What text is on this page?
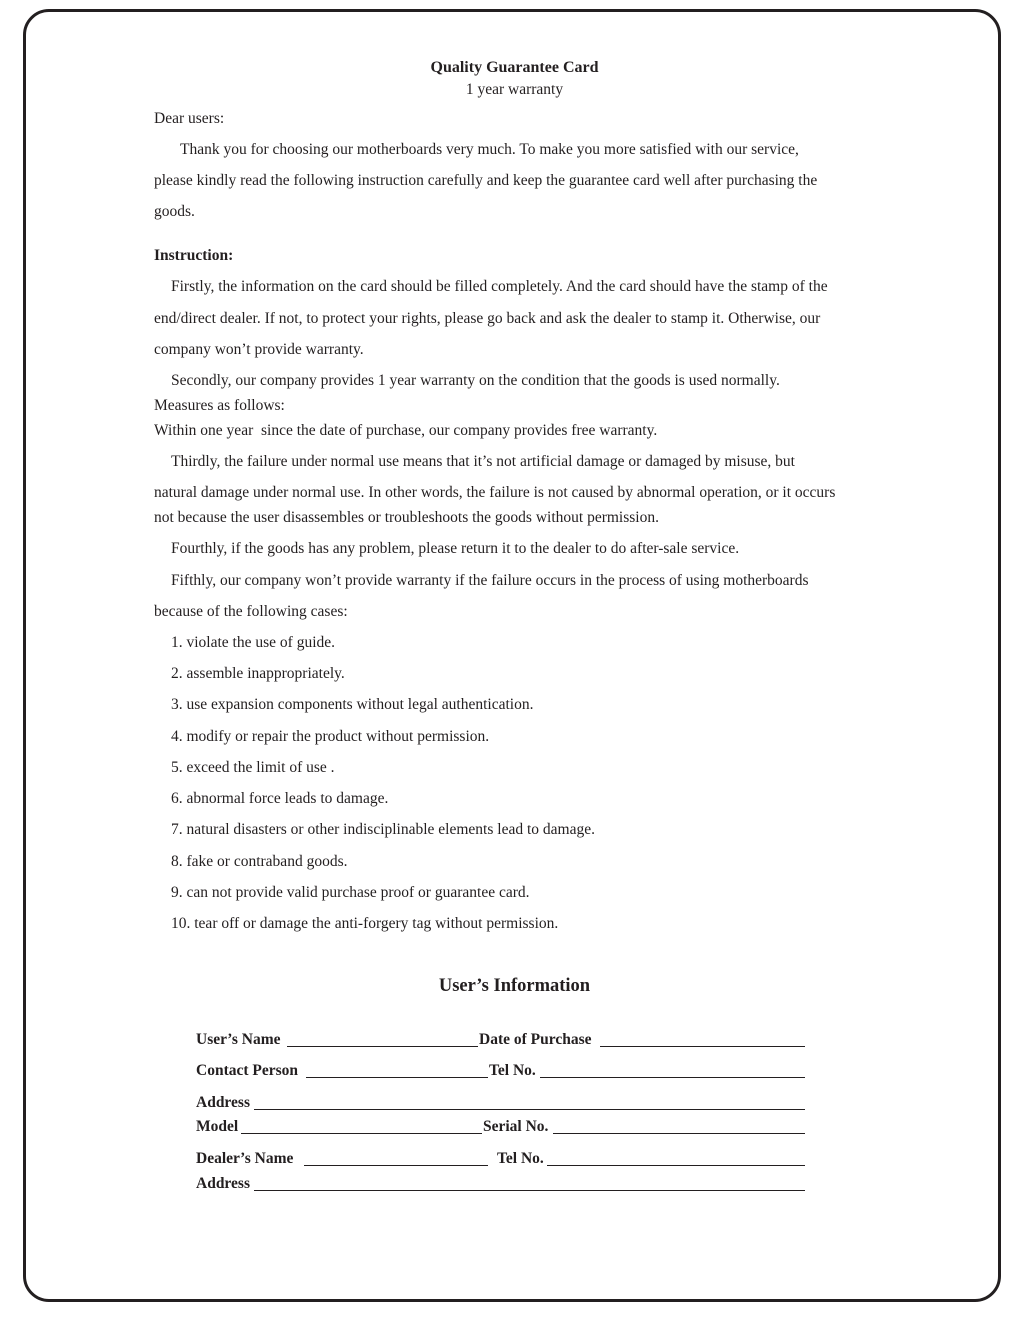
Quality Guarantee Card
1 year warranty
Dear users:
Thank you for choosing our motherboards very much. To make you more satisfied with our service,
please kindly read the following instruction carefully and keep the guarantee card well after purchasing the
goods.
Instruction:
Firstly, the information on the card should be filled completely. And the card should have the stamp of the
end/direct dealer. If not, to protect your rights, please go back and ask the dealer to stamp it. Otherwise, our
company won’t provide warranty.
Secondly, our company provides 1 year warranty on the condition that the goods is used normally.
Measures as follows:
Within one year  since the date of purchase, our company provides free warranty.
Thirdly, the failure under normal use means that it’s not artificial damage or damaged by misuse, but
natural damage under normal use. In other words, the failure is not caused by abnormal operation, or it occurs
not because the user disassembles or troubleshoots the goods without permission.
Fourthly, if the goods has any problem, please return it to the dealer to do after-sale service.
Fifthly, our company won’t provide warranty if the failure occurs in the process of using motherboards
because of the following cases:
1. violate the use of guide.
2. assemble inappropriately.
3. use expansion components without legal authentication.
4. modify or repair the product without permission.
5. exceed the limit of use .
6. abnormal force leads to damage.
7. natural disasters or other indisciplinable elements lead to damage.
8. fake or contraband goods.
9. can not provide valid purchase proof or guarantee card.
10. tear off or damage the anti-forgery tag without permission.
User’s Information
User’s Name	Date of Purchase
Contact Person	Tel No.
Address
Model	Serial No.
Dealer’s Name	Tel No.
Address
